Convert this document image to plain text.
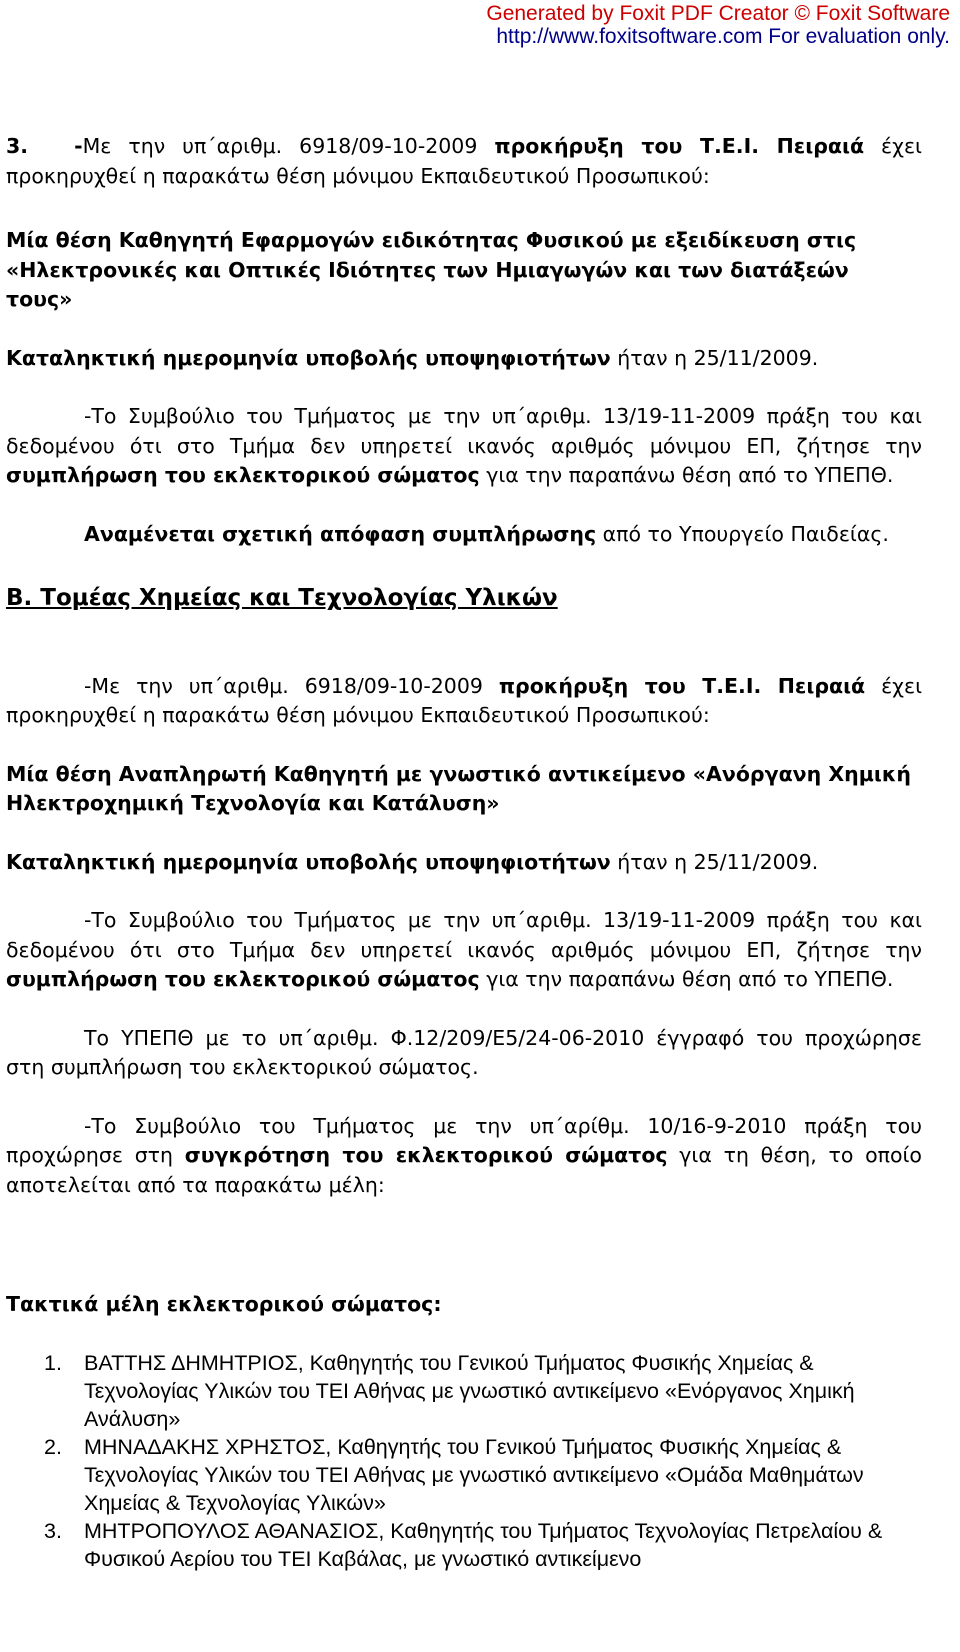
Generated by Foxit PDF Creator © Foxit Software
http://www.foxitsoftware.com For evaluation only.

3. -Με την υπ΄αριθμ. 6918/09-10-2009 προκήρυξη του Τ.Ε.Ι. Πειραιά έχει προκηρυχθεί η παρακάτω θέση μόνιμου Εκπαιδευτικού Προσωπικού:

Μία θέση Καθηγητή Εφαρμογών ειδικότητας Φυσικού με εξειδίκευση στις «Ηλεκτρονικές και Οπτικές Ιδιότητες των Ημιαγωγών και των διατάξεών τους»

Καταληκτική ημερομηνία υποβολής υποψηφιοτήτων ήταν η 25/11/2009.

-Το Συμβούλιο του Τμήματος με την υπ΄αριθμ. 13/19-11-2009 πράξη του και δεδομένου ότι στο Τμήμα δεν υπηρετεί ικανός αριθμός μόνιμου ΕΠ, ζήτησε την συμπλήρωση του εκλεκτορικού σώματος για την παραπάνω θέση από το ΥΠΕΠΘ.

Αναμένεται σχετική απόφαση συμπλήρωσης από το Υπουργείο Παιδείας.

Β. Τομέας Χημείας και Τεχνολογίας Υλικών

-Με την υπ΄αριθμ. 6918/09-10-2009 προκήρυξη του Τ.Ε.Ι. Πειραιά έχει προκηρυχθεί η παρακάτω θέση μόνιμου Εκπαιδευτικού Προσωπικού:

Μία θέση Αναπληρωτή Καθηγητή με γνωστικό αντικείμενο «Ανόργανη Χημική Ηλεκτροχημική Τεχνολογία και Κατάλυση»

Καταληκτική ημερομηνία υποβολής υποψηφιοτήτων ήταν η 25/11/2009.

-Το Συμβούλιο του Τμήματος με την υπ΄αριθμ. 13/19-11-2009 πράξη του και δεδομένου ότι στο Τμήμα δεν υπηρετεί ικανός αριθμός μόνιμου ΕΠ, ζήτησε την συμπλήρωση του εκλεκτορικού σώματος για την παραπάνω θέση από το ΥΠΕΠΘ.

Το ΥΠΕΠΘ με το υπ΄αριθμ. Φ.12/209/Ε5/24-06-2010 έγγραφό του προχώρησε στη συμπλήρωση του εκλεκτορικού σώματος.

-Το Συμβούλιο του Τμήματος με την υπ΄αρίθμ. 10/16-9-2010 πράξη του προχώρησε στη συγκρότηση του εκλεκτορικού σώματος για τη θέση, το οποίο αποτελείται από τα παρακάτω μέλη:

Τακτικά μέλη εκλεκτορικού σώματος:

1. ΒΑΤΤΗΣ ΔΗΜΗΤΡΙΟΣ, Καθηγητής του Γενικού Τμήματος Φυσικής Χημείας & Τεχνολογίας Υλικών του ΤΕΙ Αθήνας με γνωστικό αντικείμενο «Ενόργανος Χημική Ανάλυση»
2. ΜΗΝΑΔΑΚΗΣ ΧΡΗΣΤΟΣ, Καθηγητής του Γενικού Τμήματος Φυσικής Χημείας & Τεχνολογίας Υλικών του ΤΕΙ Αθήνας με γνωστικό αντικείμενο «Ομάδα Μαθημάτων Χημείας & Τεχνολογίας Υλικών»
3. ΜΗΤΡΟΠΟΥΛΟΣ ΑΘΑΝΑΣΙΟΣ, Καθηγητής του Τμήματος Τεχνολογίας Πετρελαίου & Φυσικού Αερίου του ΤΕΙ Καβάλας, με γνωστικό αντικείμενο
